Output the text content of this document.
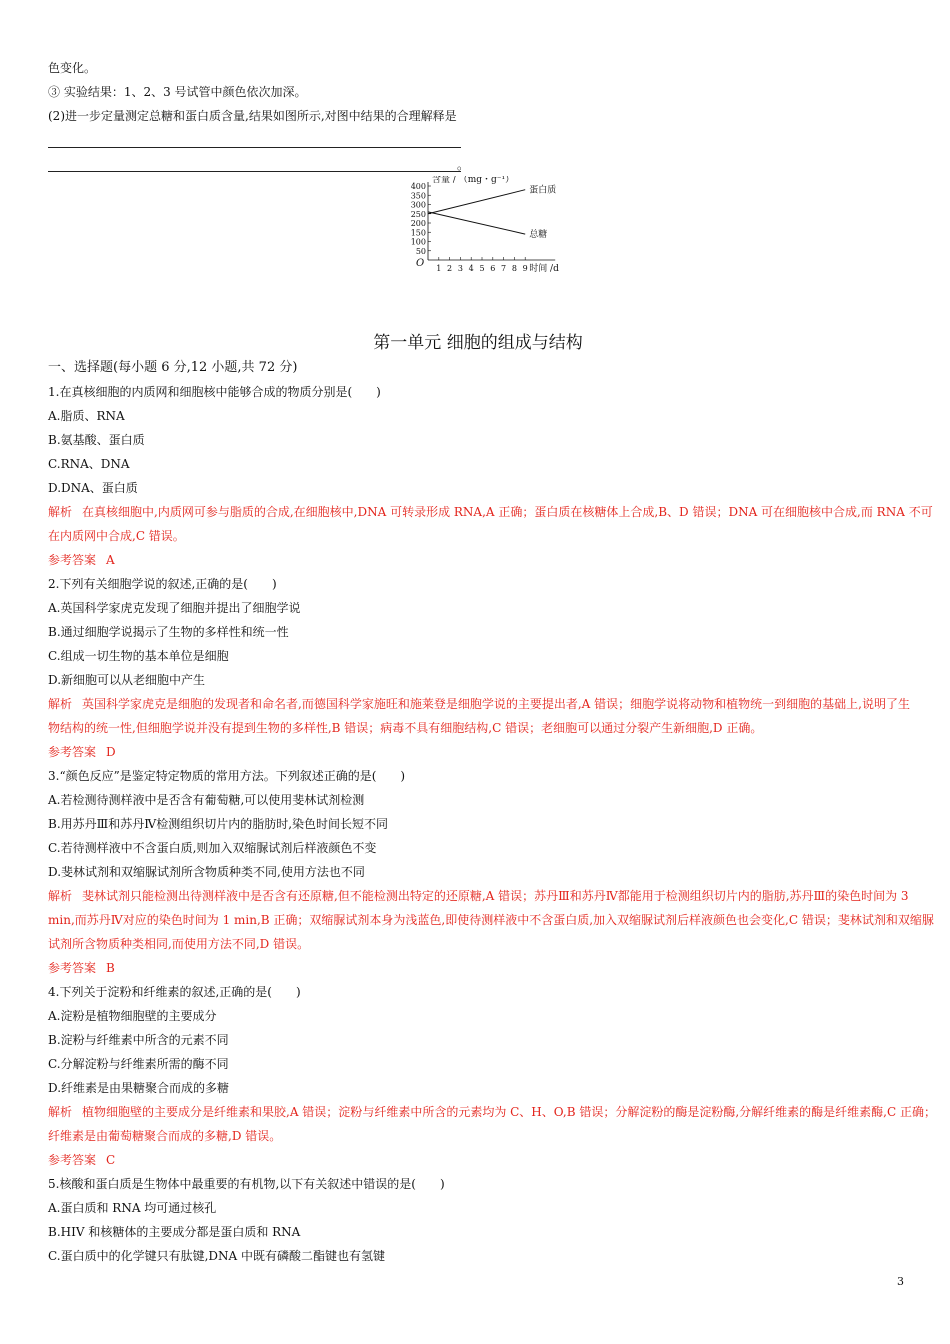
色变化。
③ 实验结果：1、2、3 号试管中颜色依次加深。
(2)进一步定量测定总糖和蛋白质含量,结果如图所示,对图中结果的合理解释是
。
50
100
150
200
250
300
350
400
1 2 3 4 5 6 7 8 9
O
含量 / （mg・g⁻¹）
时间 /d
蛋白质
总糖
第一单元 细胞的组成与结构
一、选择题(每小题 6 分,12 小题,共 72 分)
1.在真核细胞的内质网和细胞核中能够合成的物质分别是(　　)
A.脂质、RNA
B.氨基酸、蛋白质
C.RNA、DNA
D.DNA、蛋白质
解析 在真核细胞中,内质网可参与脂质的合成,在细胞核中,DNA 可转录形成 RNA,A 正确；蛋白质在核糖体上合成,B、D 错误；DNA 可在细胞核中合成,而 RNA 不可
在内质网中合成,C 错误。
参考答案 A
2.下列有关细胞学说的叙述,正确的是(　　)
A.英国科学家虎克发现了细胞并提出了细胞学说
B.通过细胞学说揭示了生物的多样性和统一性
C.组成一切生物的基本单位是细胞
D.新细胞可以从老细胞中产生
解析 英国科学家虎克是细胞的发现者和命名者,而德国科学家施旺和施莱登是细胞学说的主要提出者,A 错误；细胞学说将动物和植物统一到细胞的基础上,说明了生
物结构的统一性,但细胞学说并没有提到生物的多样性,B 错误；病毒不具有细胞结构,C 错误；老细胞可以通过分裂产生新细胞,D 正确。
参考答案 D
3.“颜色反应”是鉴定特定物质的常用方法。下列叙述正确的是(　　)
A.若检测待测样液中是否含有葡萄糖,可以使用斐林试剂检测
B.用苏丹Ⅲ和苏丹Ⅳ检测组织切片内的脂肪时,染色时间长短不同
C.若待测样液中不含蛋白质,则加入双缩脲试剂后样液颜色不变
D.斐林试剂和双缩脲试剂所含物质种类不同,使用方法也不同
解析 斐林试剂只能检测出待测样液中是否含有还原糖,但不能检测出特定的还原糖,A 错误；苏丹Ⅲ和苏丹Ⅳ都能用于检测组织切片内的脂肪,苏丹Ⅲ的染色时间为 3
min,而苏丹Ⅳ对应的染色时间为 1 min,B 正确；双缩脲试剂本身为浅蓝色,即使待测样液中不含蛋白质,加入双缩脲试剂后样液颜色也会变化,C 错误；斐林试剂和双缩脲
试剂所含物质种类相同,而使用方法不同,D 错误。
参考答案 B
4.下列关于淀粉和纤维素的叙述,正确的是(　　)
A.淀粉是植物细胞壁的主要成分
B.淀粉与纤维素中所含的元素不同
C.分解淀粉与纤维素所需的酶不同
D.纤维素是由果糖聚合而成的多糖
解析 植物细胞壁的主要成分是纤维素和果胶,A 错误；淀粉与纤维素中所含的元素均为 C、H、O,B 错误；分解淀粉的酶是淀粉酶,分解纤维素的酶是纤维素酶,C 正确；
纤维素是由葡萄糖聚合而成的多糖,D 错误。
参考答案 C
5.核酸和蛋白质是生物体中最重要的有机物,以下有关叙述中错误的是(　　)
A.蛋白质和 RNA 均可通过核孔
B.HIV 和核糖体的主要成分都是蛋白质和 RNA
C.蛋白质中的化学键只有肽键,DNA 中既有磷酸二酯键也有氢键
3
